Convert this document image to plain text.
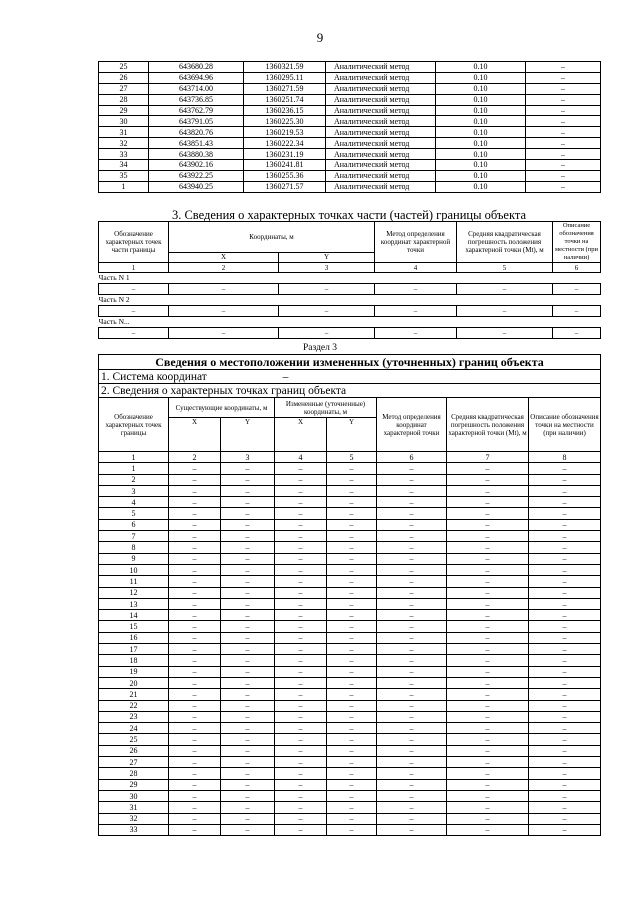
9
25	643680.28	1360321.59	Аналитический метод	0.10	–
26	643694.96	1360295.11	Аналитический метод	0.10	–
27	643714.00	1360271.59	Аналитический метод	0.10	–
28	643736.85	1360251.74	Аналитический метод	0.10	–
29	643762.79	1360236.15	Аналитический метод	0.10	–
30	643791.05	1360225.30	Аналитический метод	0.10	–
31	643820.76	1360219.53	Аналитический метод	0.10	–
32	643851.43	1360222.34	Аналитический метод	0.10	–
33	643880.38	1360231.19	Аналитический метод	0.10	–
34	643902.16	1360241.81	Аналитический метод	0.10	–
35	643922.25	1360255.36	Аналитический метод	0.10	–
1	643940.25	1360271.57	Аналитический метод	0.10	–
3. Сведения о характерных точках части (частей) границы объекта
Обозначение характерных точек части границы	Координаты, м		Метод определения координат характерной точки	Средняя квадратическая погрешность положения характерной точки (Mt), м	Описание обозначения точки на местности (при наличии)
	X	Y			
1	2	3	4	5	6
Часть N 1					
–	–	–	–	–	–
Часть N 2					
–	–	–	–	–	–
Часть N...					
–	–	–	–	–	–
Раздел 3
Сведения о местоположении измененных (уточненных) границ объекта							
1. Система координат –							
2. Сведения о характерных точках границ объекта							
Обозначение характерных точек границы	Существующие координаты, м		Измененные (уточненные) координаты, м		Метод определения координат характерной точки	Средняя квадратическая погрешность положения характерной точки (Mt), м	Описание обозначения точки на местности (при наличии)
	X	Y	X	Y			
1	2	3	4	5	6	7	8
1	–	–	–	–	–	–	–
2	–	–	–	–	–	–	–
3	–	–	–	–	–	–	–
4	–	–	–	–	–	–	–
5	–	–	–	–	–	–	–
6	–	–	–	–	–	–	–
7	–	–	–	–	–	–	–
8	–	–	–	–	–	–	–
9	–	–	–	–	–	–	–
10	–	–	–	–	–	–	–
11	–	–	–	–	–	–	–
12	–	–	–	–	–	–	–
13	–	–	–	–	–	–	–
14	–	–	–	–	–	–	–
15	–	–	–	–	–	–	–
16	–	–	–	–	–	–	–
17	–	–	–	–	–	–	–
18	–	–	–	–	–	–	–
19	–	–	–	–	–	–	–
20	–	–	–	–	–	–	–
21	–	–	–	–	–	–	–
22	–	–	–	–	–	–	–
23	–	–	–	–	–	–	–
24	–	–	–	–	–	–	–
25	–	–	–	–	–	–	–
26	–	–	–	–	–	–	–
27	–	–	–	–	–	–	–
28	–	–	–	–	–	–	–
29	–	–	–	–	–	–	–
30	–	–	–	–	–	–	–
31	–	–	–	–	–	–	–
32	–	–	–	–	–	–	–
33	–	–	–	–	–	–	–
